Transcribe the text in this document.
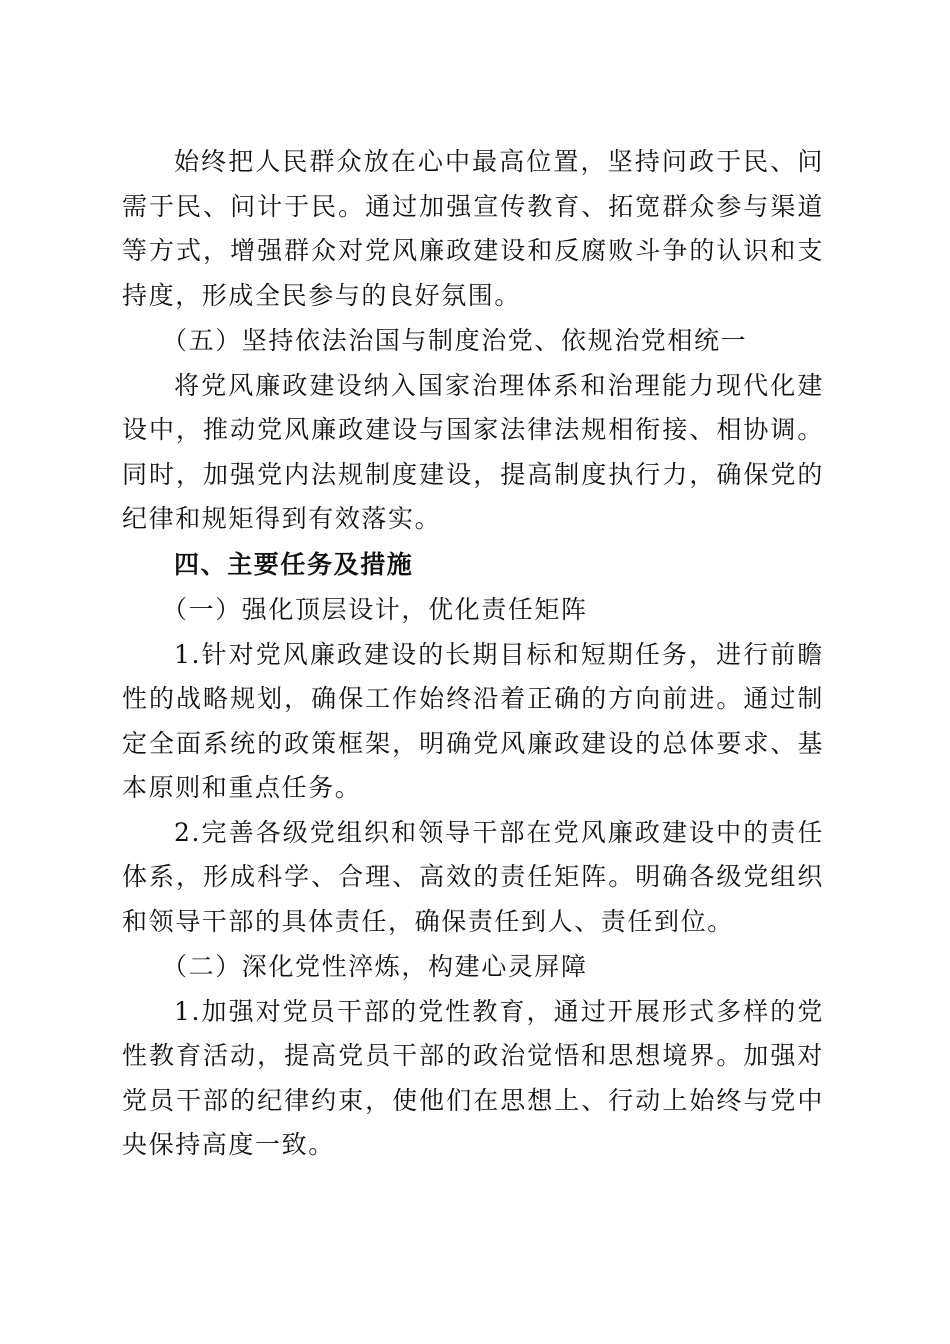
始终把人民群众放在心中最高位置，坚持问政于民、问需于民、问计于民。通过加强宣传教育、拓宽群众参与渠道等方式，增强群众对党风廉政建设和反腐败斗争的认识和支持度，形成全民参与的良好氛围。

（五）坚持依法治国与制度治党、依规治党相统一

将党风廉政建设纳入国家治理体系和治理能力现代化建设中，推动党风廉政建设与国家法律法规相衔接、相协调。同时，加强党内法规制度建设，提高制度执行力，确保党的纪律和规矩得到有效落实。

四、主要任务及措施
（一）强化顶层设计，优化责任矩阵

1.针对党风廉政建设的长期目标和短期任务，进行前瞻性的战略规划，确保工作始终沿着正确的方向前进。通过制定全面系统的政策框架，明确党风廉政建设的总体要求、基本原则和重点任务。

2.完善各级党组织和领导干部在党风廉政建设中的责任体系，形成科学、合理、高效的责任矩阵。明确各级党组织和领导干部的具体责任，确保责任到人、责任到位。

（二）深化党性淬炼，构建心灵屏障

1.加强对党员干部的党性教育，通过开展形式多样的党性教育活动，提高党员干部的政治觉悟和思想境界。加强对党员干部的纪律约束，使他们在思想上、行动上始终与党中央保持高度一致。
